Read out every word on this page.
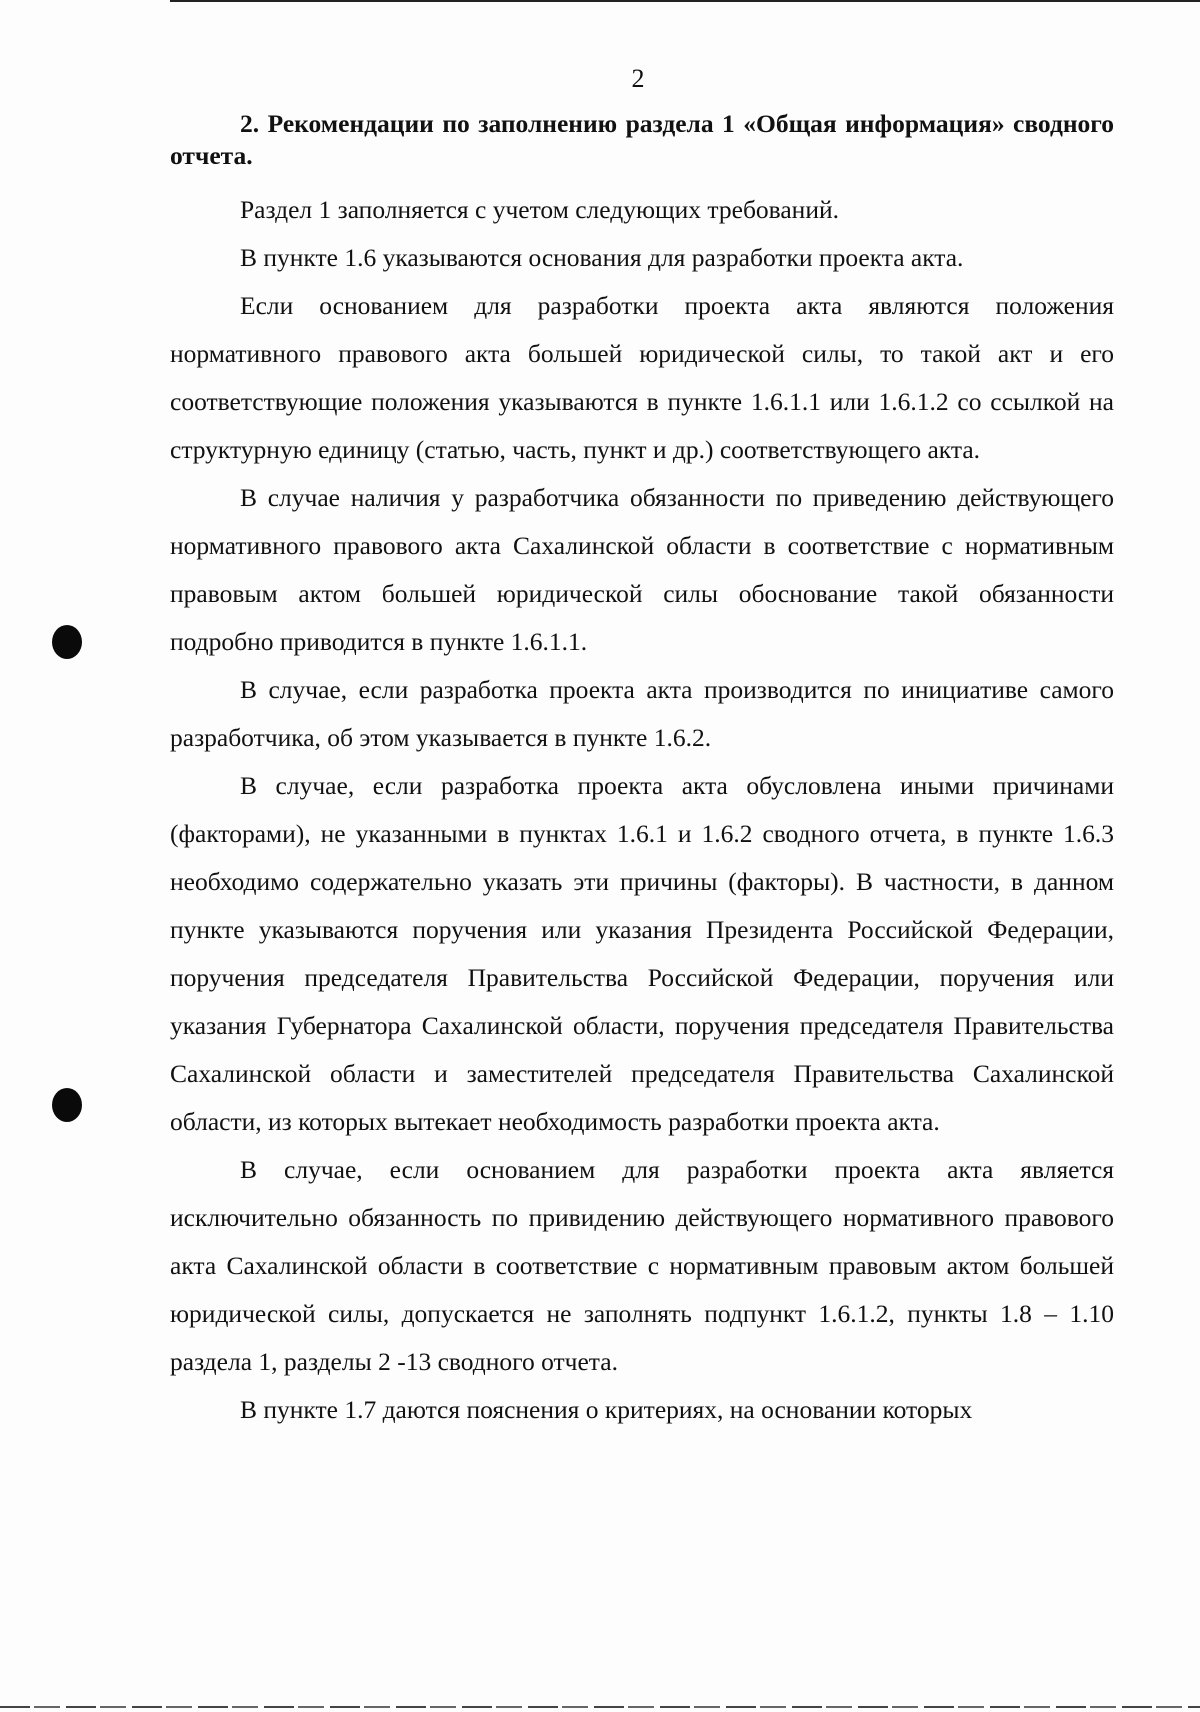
2

2. Рекомендации по заполнению раздела 1 «Общая информация» сводного отчета.

Раздел 1 заполняется с учетом следующих требований.

В пункте 1.6 указываются основания для разработки проекта акта.

Если основанием для разработки проекта акта являются положения нормативного правового акта большей юридической силы, то такой акт и его соответствующие положения указываются в пункте 1.6.1.1 или 1.6.1.2 со ссылкой на структурную единицу (статью, часть, пункт и др.) соответствующего акта.

В случае наличия у разработчика обязанности по приведению действующего нормативного правового акта Сахалинской области в соответствие с нормативным правовым актом большей юридической силы обоснование такой обязанности подробно приводится в пункте 1.6.1.1.

В случае, если разработка проекта акта производится по инициативе самого разработчика, об этом указывается в пункте 1.6.2.

В случае, если разработка проекта акта обусловлена иными причинами (факторами), не указанными в пунктах 1.6.1 и 1.6.2 сводного отчета, в пункте 1.6.3 необходимо содержательно указать эти причины (факторы). В частности, в данном пункте указываются поручения или указания Президента Российской Федерации, поручения председателя Правительства Российской Федерации, поручения или указания Губернатора Сахалинской области, поручения председателя Правительства Сахалинской области и заместителей председателя Правительства Сахалинской области, из которых вытекает необходимость разработки проекта акта.

В случае, если основанием для разработки проекта акта является исключительно обязанность по привидению действующего нормативного правового акта Сахалинской области в соответствие с нормативным правовым актом большей юридической силы, допускается не заполнять подпункт 1.6.1.2, пункты 1.8 – 1.10 раздела 1, разделы 2 -13 сводного отчета.

В пункте 1.7 даются пояснения о критериях, на основании которых
